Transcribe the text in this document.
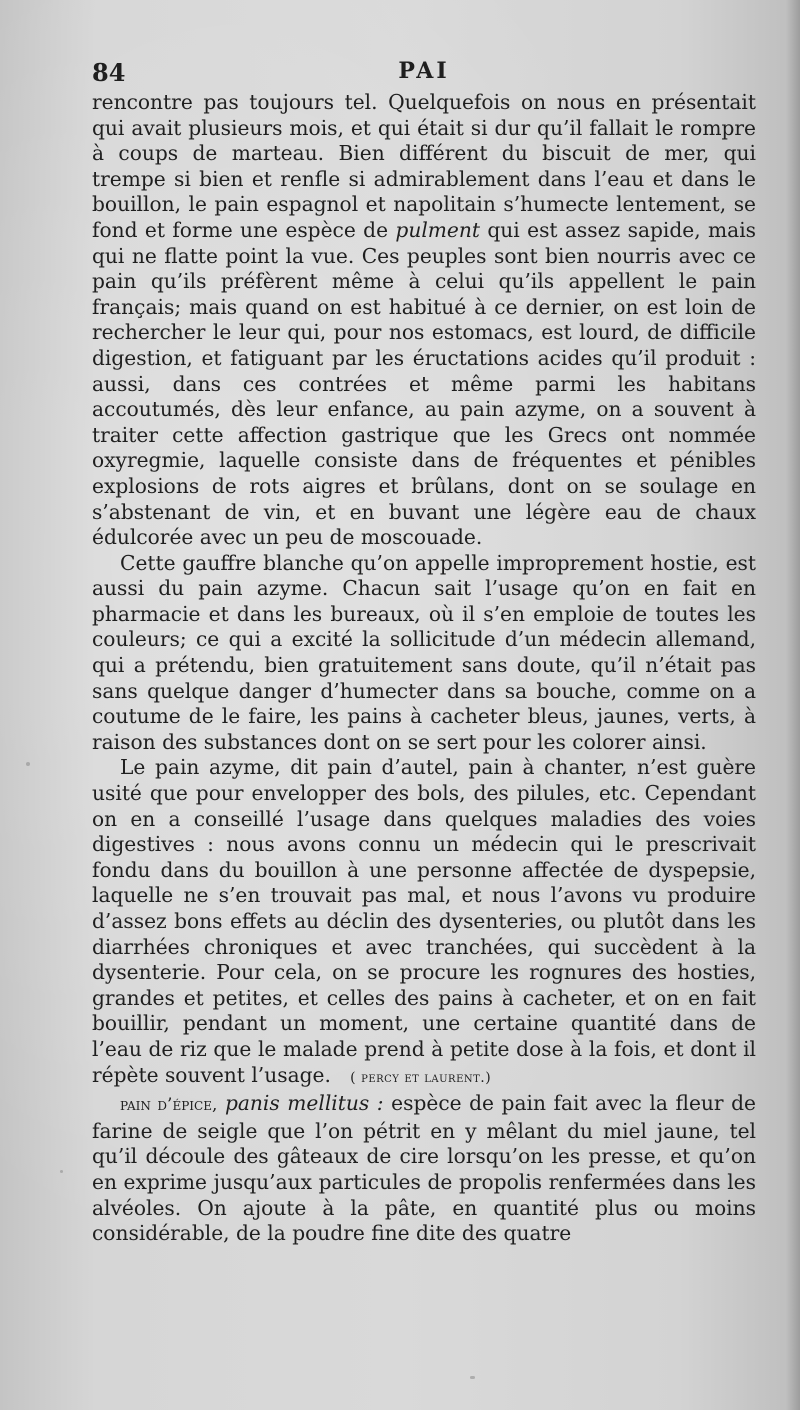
84	PAI

rencontre pas toujours tel. Quelquefois on nous en présentait qui avait plusieurs mois, et qui était si dur qu’il fallait le rompre à coups de marteau. Bien différent du biscuit de mer, qui trempe si bien et renfle si admirablement dans l’eau et dans le bouillon, le pain espagnol et napolitain s’humecte lentement, se fond et forme une espèce de pulment qui est assez sapide, mais qui ne flatte point la vue. Ces peuples sont bien nourris avec ce pain qu’ils préfèrent même à celui qu’ils appellent le pain français; mais quand on est habitué à ce dernier, on est loin de rechercher le leur qui, pour nos estomacs, est lourd, de difficile digestion, et fatiguant par les éructations acides qu’il produit : aussi, dans ces contrées et même parmi les habitans accoutumés, dès leur enfance, au pain azyme, on a souvent à traiter cette affection gastrique que les Grecs ont nommée oxyregmie, laquelle consiste dans de fréquentes et pénibles explosions de rots aigres et brûlans, dont on se soulage en s’abstenant de vin, et en buvant une légère eau de chaux édulcorée avec un peu de moscouade.

Cette gauffre blanche qu’on appelle improprement hostie, est aussi du pain azyme. Chacun sait l’usage qu’on en fait en pharmacie et dans les bureaux, où il s’en emploie de toutes les couleurs; ce qui a excité la sollicitude d’un médecin allemand, qui a prétendu, bien gratuitement sans doute, qu’il n’était pas sans quelque danger d’humecter dans sa bouche, comme on a coutume de le faire, les pains à cacheter bleus, jaunes, verts, à raison des substances dont on se sert pour les colorer ainsi.

Le pain azyme, dit pain d’autel, pain à chanter, n’est guère usité que pour envelopper des bols, des pilules, etc. Cependant on en a conseillé l’usage dans quelques maladies des voies digestives : nous avons connu un médecin qui le prescrivait fondu dans du bouillon à une personne affectée de dyspepsie, laquelle ne s’en trouvait pas mal, et nous l’avons vu produire d’assez bons effets au déclin des dysenteries, ou plutôt dans les diarrhées chroniques et avec tranchées, qui succèdent à la dysenterie. Pour cela, on se procure les rognures des hosties, grandes et petites, et celles des pains à cacheter, et on en fait bouillir, pendant un moment, une certaine quantité dans de l’eau de riz que le malade prend à petite dose à la fois, et dont il répète souvent l’usage. ( percy et laurent.)

pain d’épice, panis mellitus : espèce de pain fait avec la fleur de farine de seigle que l’on pétrit en y mêlant du miel jaune, tel qu’il découle des gâteaux de cire lorsqu’on les presse, et qu’on en exprime jusqu’aux particules de propolis renfermées dans les alvéoles. On ajoute à la pâte, en quantité plus ou moins considérable, de la poudre fine dite des quatre
